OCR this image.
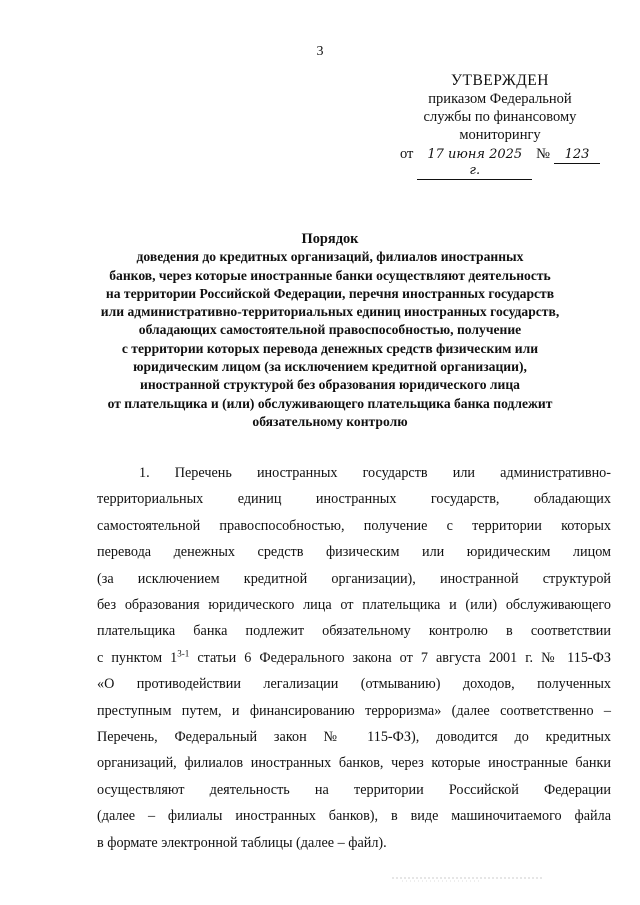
3
УТВЕРЖДЕН
приказом Федеральной
службы по финансовому
мониторингу
от	17 июня 2025 г.
№	123
Порядок
доведения до кредитных организаций, филиалов иностранных
банков, через которые иностранные банки осуществляют деятельность
на территории Российской Федерации, перечня иностранных государств
или административно-территориальных единиц иностранных государств,
обладающих самостоятельной правоспособностью, получение
с территории которых перевода денежных средств физическим или
юридическим лицом (за исключением кредитной организации),
иностранной структурой без образования юридического лица
от плательщика и (или) обслуживающего плательщика банка подлежит
обязательному контролю
1. Перечень иностранных государств или административно-
территориальных единиц иностранных государств, обладающих
самостоятельной правоспособностью, получение с территории которых
перевода денежных средств физическим или юридическим лицом
(за исключением кредитной организации), иностранной структурой
без образования юридического лица от плательщика и (или) обслуживающего
плательщика банка подлежит обязательному контролю в соответствии
с пунктом 1$^{3-1}$ статьи 6 Федерального закона от 7 августа 2001 г. № 115-ФЗ
«О противодействии легализации (отмыванию) доходов, полученных
преступным путем, и финансированию терроризма» (далее соответственно –
Перечень, Федеральный закон № 115-ФЗ), доводится до кредитных
организаций, филиалов иностранных банков, через которые иностранные банки
осуществляют деятельность на территории Российской Федерации
(далее – филиалы иностранных банков), в виде машиночитаемого файла
в формате электронной таблицы (далее – файл).
